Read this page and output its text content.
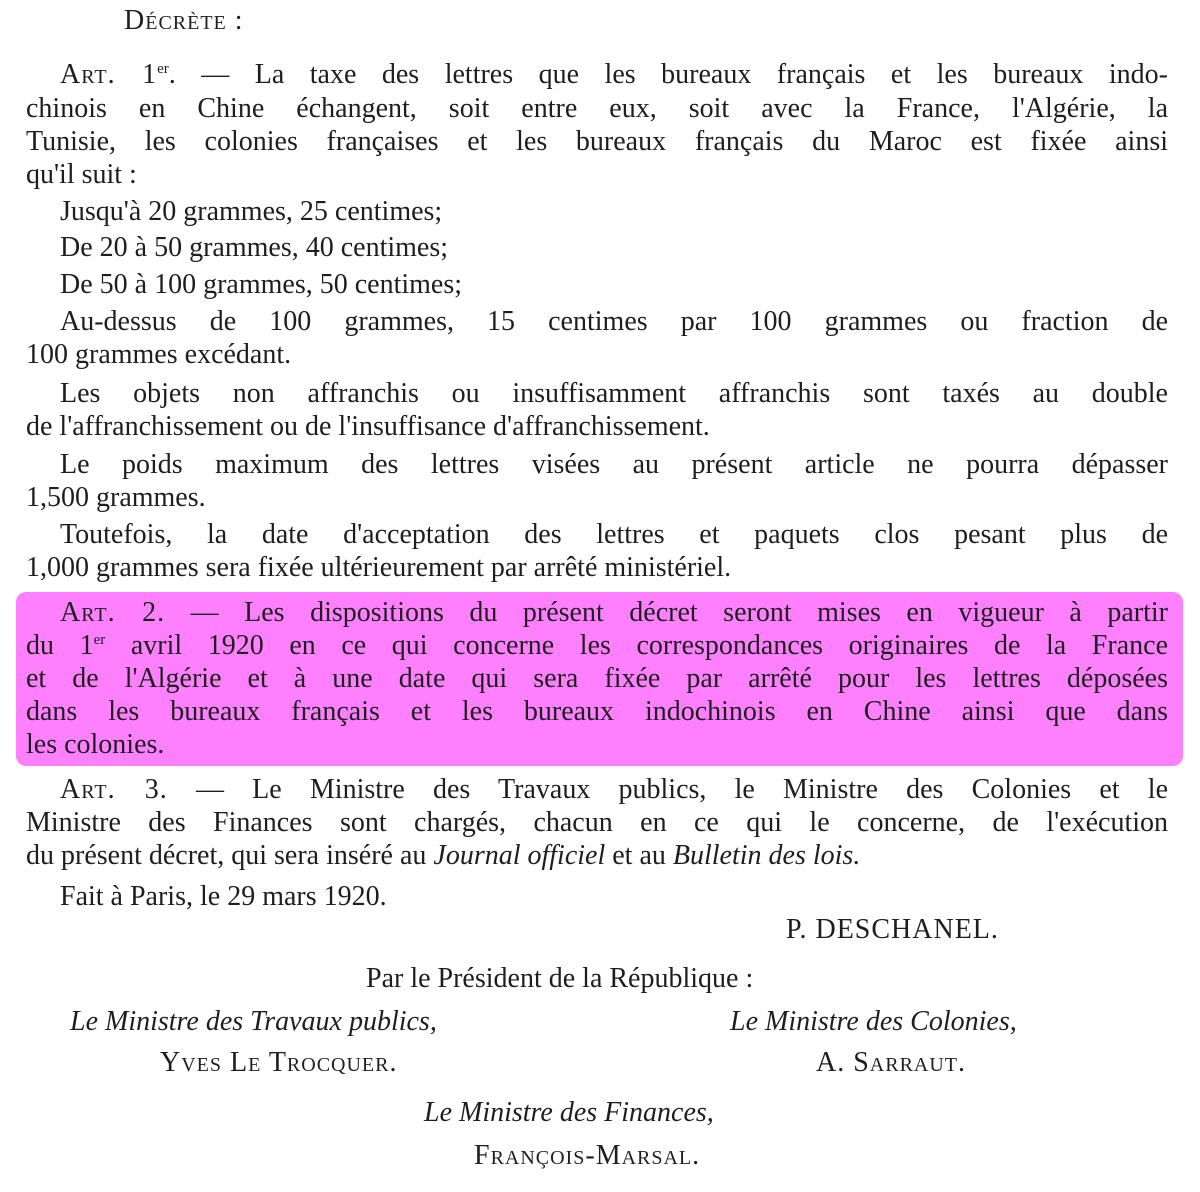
Décrète :
Art. 1er. — La taxe des lettres que les bureaux français et les bureaux indo-
chinois en Chine échangent, soit entre eux, soit avec la France, l'Algérie, la
Tunisie, les colonies françaises et les bureaux français du Maroc est fixée ainsi
qu'il suit :
Jusqu'à 20 grammes, 25 centimes;
De 20 à 50 grammes, 40 centimes;
De 50 à 100 grammes, 50 centimes;
Au-dessus de 100 grammes, 15 centimes par 100 grammes ou fraction de
100 grammes excédant.
Les objets non affranchis ou insuffisamment affranchis sont taxés au double
de l'affranchissement ou de l'insuffisance d'affranchissement.
Le poids maximum des lettres visées au présent article ne pourra dépasser
1,500 grammes.
Toutefois, la date d'acceptation des lettres et paquets clos pesant plus de
1,000 grammes sera fixée ultérieurement par arrêté ministériel.
Art. 2. — Les dispositions du présent décret seront mises en vigueur à partir
du 1er avril 1920 en ce qui concerne les correspondances originaires de la France
et de l'Algérie et à une date qui sera fixée par arrêté pour les lettres déposées
dans les bureaux français et les bureaux indochinois en Chine ainsi que dans
les colonies.
Art. 3. — Le Ministre des Travaux publics, le Ministre des Colonies et le
Ministre des Finances sont chargés, chacun en ce qui le concerne, de l'exécution
du présent décret, qui sera inséré au Journal officiel et au Bulletin des lois.
Fait à Paris, le 29 mars 1920.
P. DESCHANEL.
Par le Président de la République :
Le Ministre des Travaux publics,
Yves Le Trocquer.
Le Ministre des Colonies,
A. Sarraut.
Le Ministre des Finances,
François-Marsal.
